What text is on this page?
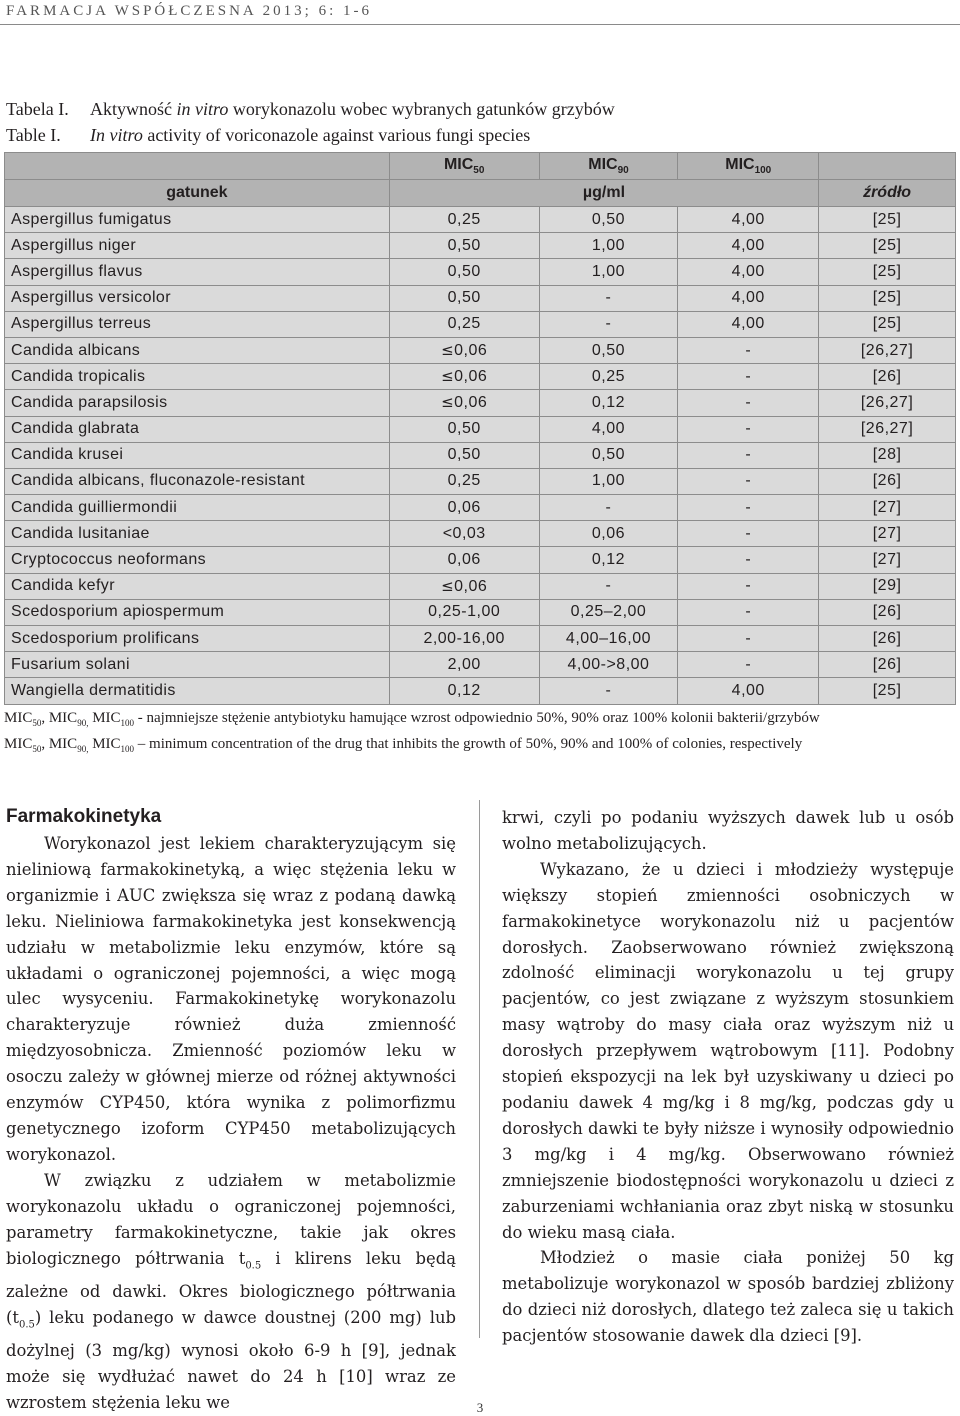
FARMACJA WSPÓŁCZESNA 2013; 6: 1-6
Tabela I. Aktywność in vitro worykonazolu wobec wybranych gatunków grzybów
Table I. In vitro activity of voriconazole against various fungi species
	$MIC_{50}$	$MIC_{90}$	$MIC_{100}$	
gatunek	µg/ml			źródło
Aspergillus fumigatus	0,25	0,50	4,00	[25]
Aspergillus niger	0,50	1,00	4,00	[25]
Aspergillus flavus	0,50	1,00	4,00	[25]
Aspergillus versicolor	0,50	-	4,00	[25]
Aspergillus terreus	0,25	-	4,00	[25]
Candida albicans	≤0,06	0,50	-	[26,27]
Candida tropicalis	≤0,06	0,25	-	[26]
Candida parapsilosis	≤0,06	0,12	-	[26,27]
Candida glabrata	0,50	4,00	-	[26,27]
Candida krusei	0,50	0,50	-	[28]
Candida albicans, fluconazole-resistant	0,25	1,00	-	[26]
Candida guilliermondii	0,06	-	-	[27]
Candida lusitaniae	<0,03	0,06	-	[27]
Cryptococcus neoformans	0,06	0,12	-	[27]
Candida kefyr	≤0,06	-	-	[29]
Scedosporium apiospermum	0,25-1,00	0,25–2,00	-	[26]
Scedosporium prolificans	2,00-16,00	4,00–16,00	-	[26]
Fusarium solani	2,00	4,00->8,00	-	[26]
Wangiella dermatitidis	0,12	-	4,00	[25]
$MIC_{50}$, $MIC_{90,}$ $MIC_{100}$ - najmniejsze stężenie antybiotyku hamujące wzrost odpowiednio 50%, 90% oraz 100% kolonii bakterii/grzybów
$MIC_{50}$, $MIC_{90,}$ $MIC_{100}$ – minimum concentration of the drug that inhibits the growth of 50%, 90% and 100% of colonies, respectively
Farmakokinetyka

Worykonazol jest lekiem charakteryzującym się nieliniową farmakokinetyką, a więc stężenia leku w organizmie i AUC zwiększa się wraz z podaną dawką leku. Nieliniowa farmakokinetyka jest konsekwencją udziału w metabolizmie leku enzymów, które są układami o ograniczonej pojemności, a więc mogą ulec wysyceniu. Farmakokinetykę worykonazolu charakteryzuje również duża zmienność międzyosobnicza. Zmienność poziomów leku w osoczu zależy w głównej mierze od różnej aktywności enzymów CYP450, która wynika z polimorfizmu genetycznego izoform CYP450 metabolizujących worykonazol.

W związku z udziałem w metabolizmie worykonazolu układu o ograniczonej pojemności, parametry farmakokinetyczne, takie jak okres biologicznego półtrwania $t_{0.5}$ i klirens leku będą zależne od dawki. Okres biologicznego półtrwania $(t_{0.5})$ leku podanego w dawce doustnej (200 mg) lub dożylnej (3 mg/kg) wynosi około 6-9 h [9], jednak może się wydłużać nawet do 24 h [10] wraz ze wzrostem stężenia leku we

krwi, czyli po podaniu wyższych dawek lub u osób wolno metabolizujących.

Wykazano, że u dzieci i młodzieży występuje większy stopień zmienności osobniczych w farmakokinetyce worykonazolu niż u pacjentów dorosłych. Zaobserwowano również zwiększoną zdolność eliminacji worykonazolu u tej grupy pacjentów, co jest związane z wyższym stosunkiem masy wątroby do masy ciała oraz wyższym niż u dorosłych przepływem wątrobowym [11]. Podobny stopień ekspozycji na lek był uzyskiwany u dzieci po podaniu dawek 4 mg/kg i 8 mg/kg, podczas gdy u dorosłych dawki te były niższe i wynosiły odpowiednio 3 mg/kg i 4 mg/kg. Obserwowano również zmniejszenie biodostępności worykonazolu u dzieci z zaburzeniami wchłaniania oraz zbyt niską w stosunku do wieku masą ciała.

Młodzież o masie ciała poniżej 50 kg metabolizuje worykonazol w sposób bardziej zbliżony do dzieci niż dorosłych, dlatego też zaleca się u takich pacjentów stosowanie dawek dla dzieci [9].

3
